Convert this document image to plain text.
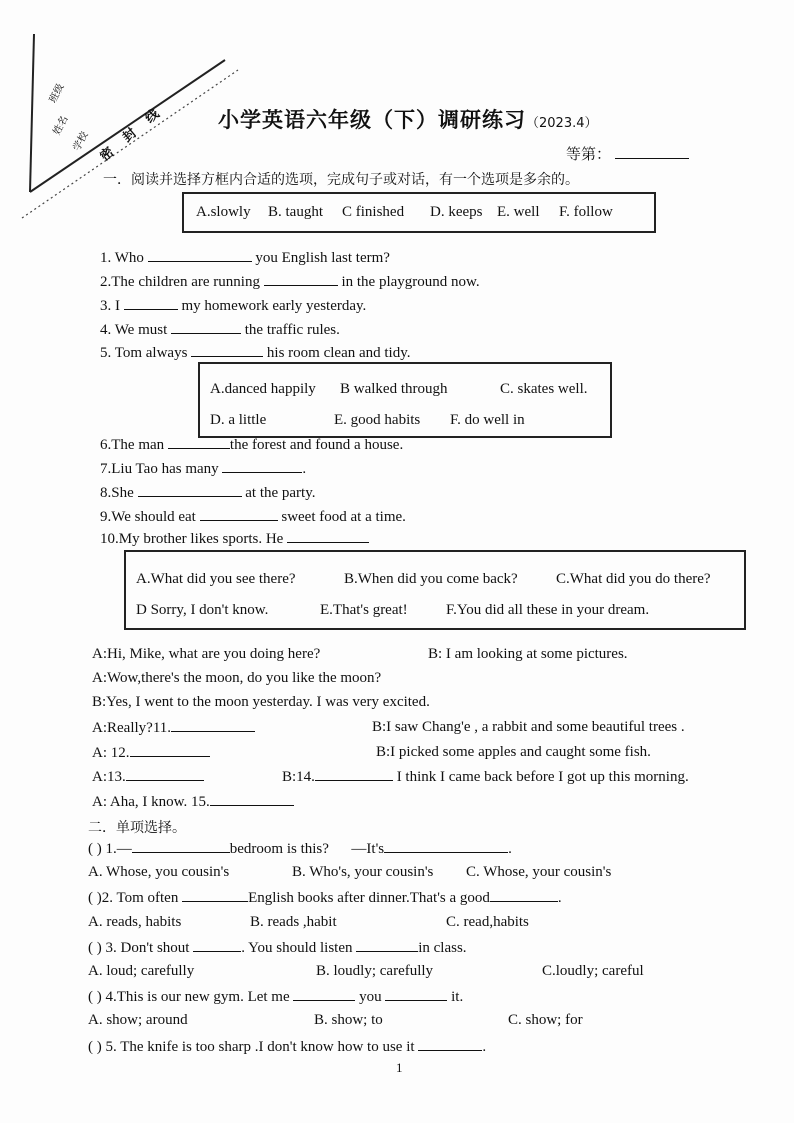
班级
姓名
学校 密 封 线 小学英语六年级（下）调研练习（2023.4）
等第：
一．阅读并选择方框内合适的选项，完成句子或对话，有一个选项是多余的。
A.slowly B. taught C finished D. keeps E. well F. follow
1. Who	you English last term?
2.The children are running	in the playground now.
3. I	my homework early yesterday.
4. We must	the traffic rules.
5. Tom always	his room clean and tidy.
A.danced happily B walked through	C. skates well.
D. a little	E. good habits F. do well in
6.The man	the forest and found a house.
7.Liu Tao has many	.
8.She	at the party.
9.We should eat	sweet food at a time.
10.My brother likes sports. He
A.What did you see there?	B.When did you come back?	C.What did you do there?
D Sorry, I don't know.	E.That's great!	F.You did all these in your dream.
A:Hi, Mike, what are you doing here?	B: I am looking at some pictures.
A:Wow,there's the moon, do you like the moon?
B:Yes, I went to the moon yesterday. I was very excited.
A:Really?11.	B:I saw Chang'e , a rabbit and some beautiful trees .
A: 12.	B:I picked some apples and caught some fish.
A:13.	B:14.	I think I came back before I got up this morning.
A: Aha, I know. 15.
二．单项选择。
( ) 1.—	bedroom is this? —It's	.
A. Whose, you cousin's	B. Who's, your cousin's C. Whose, your cousin's
( )2. Tom often	English books after dinner.That's a good	.
A. reads, habits	B. reads ,habit	C. read,habits
( ) 3. Don't shout	. You should listen	in class.
A. loud; carefully	B. loudly; carefully	C.loudly; careful
( ) 4.This is our new gym. Let me	you	it.
A. show; around	B. show; to	C. show; for
( ) 5. The knife is too sharp .I don't know how to use it	.
1
